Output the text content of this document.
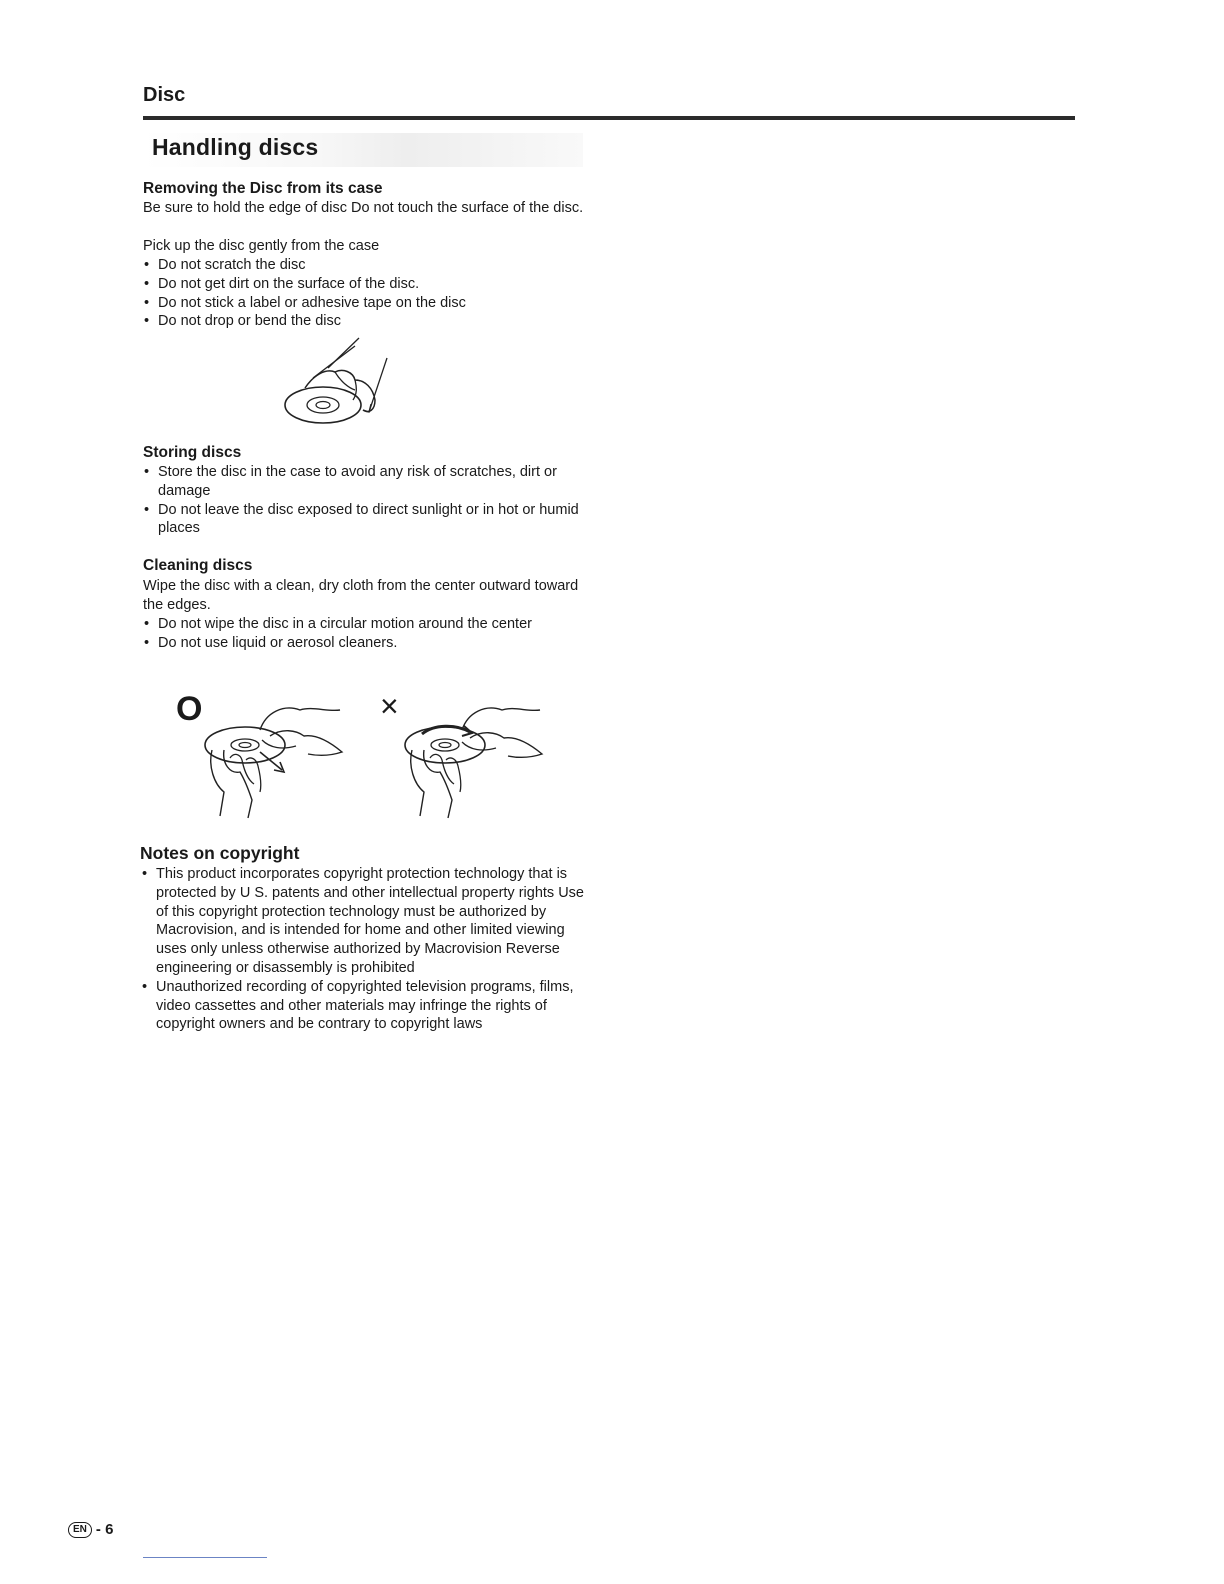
Disc
Handling discs
Removing the Disc from its case
Be sure to hold the edge of disc Do not touch the surface of the disc.
Pick up the disc gently from the case
• Do not scratch the disc
• Do not get dirt on the surface of the disc.
• Do not stick a label or adhesive tape on the disc
• Do not drop or bend the disc
Storing discs
• Store the disc in the case to avoid any risk of scratches, dirt or damage
• Do not leave the disc exposed to direct sunlight or in hot or humid places
Cleaning discs
Wipe the disc with a clean, dry cloth from the center outward toward the edges.
• Do not wipe the disc in a circular motion around the center
• Do not use liquid or aerosol cleaners.
O	×
Notes on copyright
• This product incorporates copyright protection technology that is protected by U S. patents and other intellectual property rights Use of this copyright protection technology must be authorized by Macrovision, and is intended for home and other limited viewing uses only unless otherwise authorized by Macrovision Reverse engineering or disassembly is prohibited
• Unauthorized recording of copyrighted television programs, films, video cassettes and other materials may infringe the rights of copyright owners and be contrary to copyright laws
EN - 6
